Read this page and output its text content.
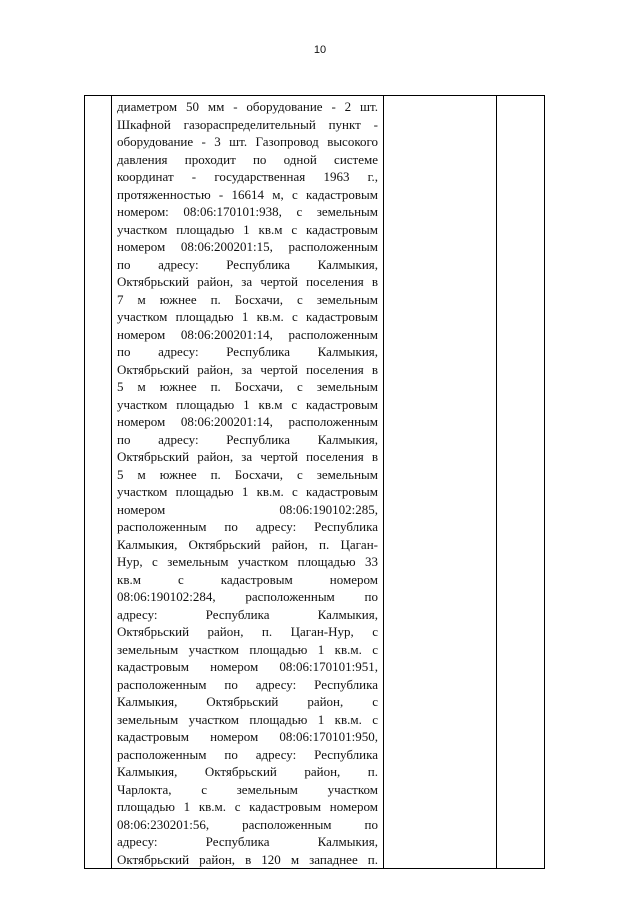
10

диаметром 50 мм - оборудование - 2 шт.
Шкафной газораспределительный пункт -
оборудование - 3 шт. Газопровод высокого
давления проходит по одной системе
координат - государственная 1963 г.,
протяженностью - 16614 м, с кадастровым
номером: 08:06:170101:938, с земельным
участком площадью 1 кв.м с кадастровым
номером 08:06:200201:15, расположенным
по адресу: Республика Калмыкия,
Октябрьский район, за чертой поселения в
7 м южнее п. Босхачи, с земельным
участком площадью 1 кв.м. с кадастровым
номером 08:06:200201:14, расположенным
по адресу: Республика Калмыкия,
Октябрьский район, за чертой поселения в
5 м южнее п. Босхачи, с земельным
участком площадью 1 кв.м с кадастровым
номером 08:06:200201:14, расположенным
по адресу: Республика Калмыкия,
Октябрьский район, за чертой поселения в
5 м южнее п. Босхачи, с земельным
участком площадью 1 кв.м. с кадастровым
номером 08:06:190102:285,
расположенным по адресу: Республика
Калмыкия, Октябрьский район, п. Цаган-
Нур, с земельным участком площадью 33
кв.м с кадастровым номером
08:06:190102:284, расположенным по
адресу: Республика Калмыкия,
Октябрьский район, п. Цаган-Нур, с
земельным участком площадью 1 кв.м. с
кадастровым номером 08:06:170101:951,
расположенным по адресу: Республика
Калмыкия, Октябрьский район, с
земельным участком площадью 1 кв.м. с
кадастровым номером 08:06:170101:950,
расположенным по адресу: Республика
Калмыкия, Октябрьский район, п.
Чарлокта, с земельным участком
площадью 1 кв.м. с кадастровым номером
08:06:230201:56, расположенным по
адресу: Республика Калмыкия,
Октябрьский район, в 120 м западнее п.
